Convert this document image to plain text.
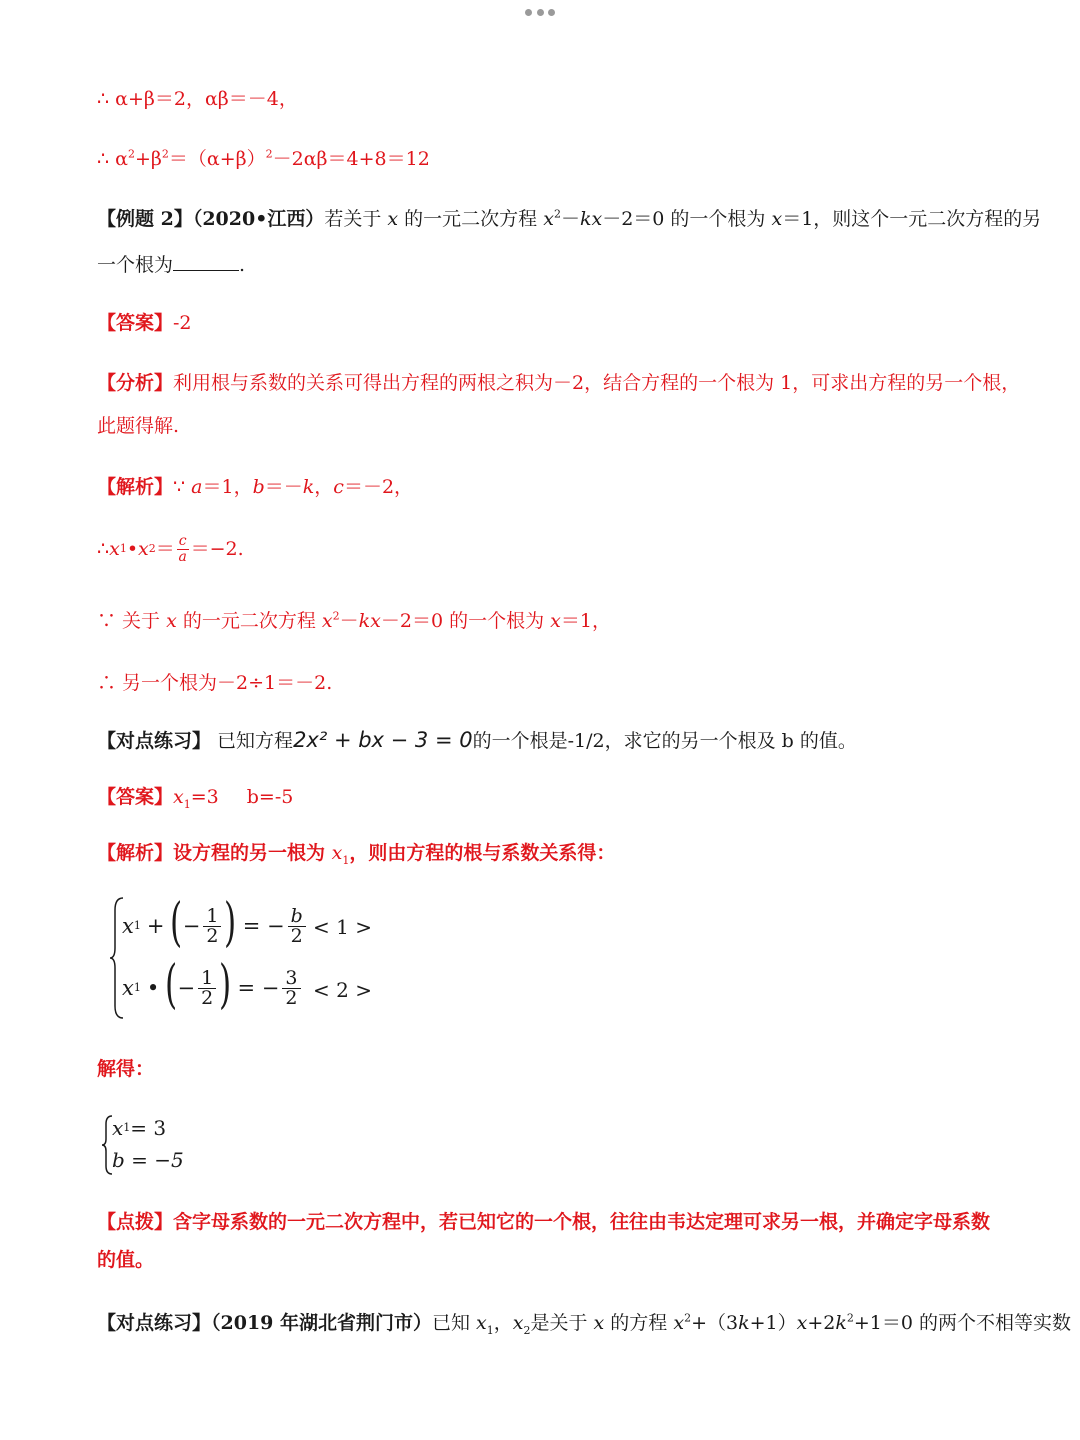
∴ α+β＝2，αβ＝－4，
∴ $\alpha^2+\beta^2=(\alpha+\beta)^2-2\alpha\beta=4+8=12$
【例题 2】（2020•江西）若关于 x 的一元二次方程 $x^2-kx-2=0$ 的一个根为 x＝1，则这个一元二次方程的另
一个根为	.
【答案】-2
【分析】利用根与系数的关系可得出方程的两根之积为－2，结合方程的一个根为 1，可求出方程的另一个根，
此题得解.
【解析】∵ a＝1，b＝－k，c＝－2，
∴ x 1 • x $2 = \frac{c}{a} =-2$.
∵ 关于 x 的一元二次方程 $x^2-kx-2=0$ 的一个根为 x＝1，
∴ 另一个根为－2÷1＝－2.
【对点练习】 已知方程2x² + bx − 3 = 0的一个根是-1/2，求它的另一个根及 b 的值。
【答案】$x_1=3$ b=-5
【解析】设方程的另一根为 $x_1$，则由方程的根与系数关系得：
x 1 + ( − $\frac{1}{2}$ ) = − $\frac{b}{2} < 1$ >
x 1 • ( − $\frac{1}{2}$ ) = − $\frac{3}{2} < 2$ >
解得：
x 1 = 3
b = −5
【点拨】含字母系数的一元二次方程中，若已知它的一个根，往往由韦达定理可求另一根，并确定字母系数
的值。
【对点练习】（2019 年湖北省荆门市）已知 $x_1$，$x_2$是关于 x 的方程 $x^2+(3k+1)x+2k^2+1=0$ 的两个不相等实数
